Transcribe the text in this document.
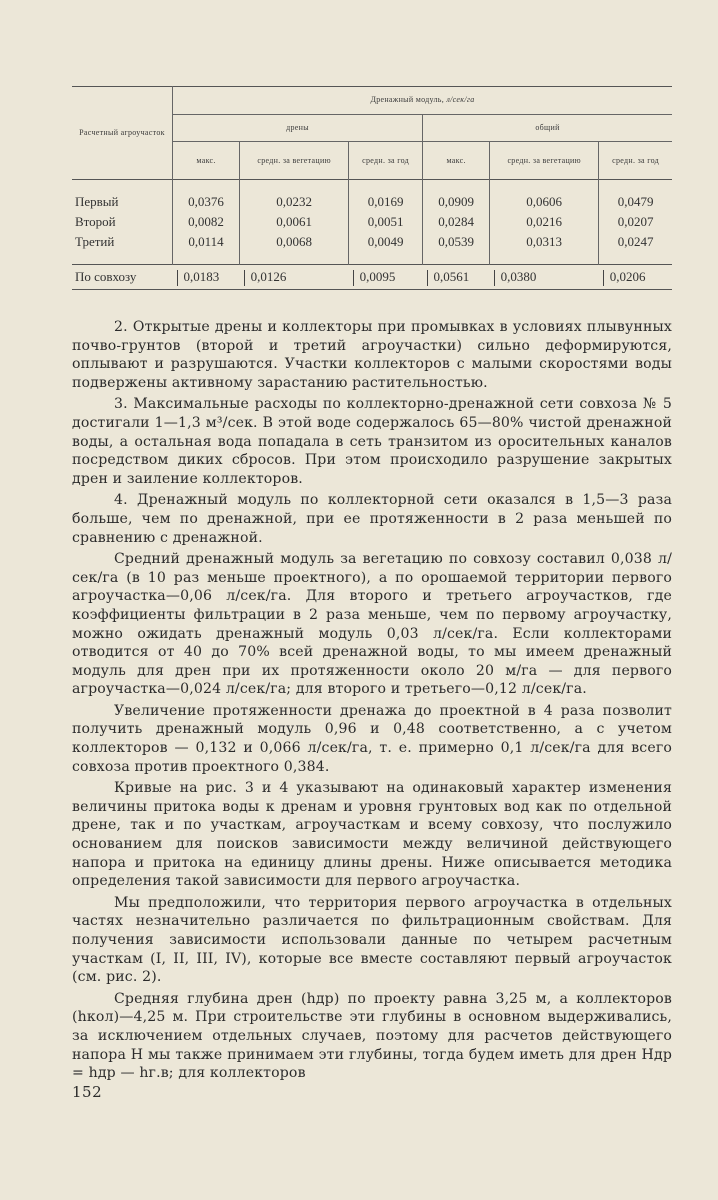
Расчетный агроучасток	Дренажный модуль, л/сек/га					
	дрены			общий		
	макс.	средн. за вегетацию	средн. за год	макс.	средн. за вегетацию	средн. за год
Первый	0,0376	0,0232	0,0169	0,0909	0,0606	0,0479
Второй	0,0082	0,0061	0,0051	0,0284	0,0216	0,0207
Третий	0,0114	0,0068	0,0049	0,0539	0,0313	0,0247
По совхозу	0,0183	0,0126	0,0095	0,0561	0,0380	0,0206

2. Открытые дрены и коллекторы при промывках в условиях плывунных почво-грунтов (второй и третий агроучастки) сильно деформируются, оплывают и разрушаются. Участки коллекторов с малыми скоростями воды подвержены активному зарастанию растительностью.

3. Максимальные расходы по коллекторно-дренажной сети совхоза № 5 достигали 1—1,3 м³/сек. В этой воде содержалось 65—80% чистой дренажной воды, а остальная вода попадала в сеть транзитом из оросительных каналов посредством диких сбросов. При этом происходило разрушение закрытых дрен и заиление коллекторов.

4. Дренажный модуль по коллекторной сети оказался в 1,5—3 раза больше, чем по дренажной, при ее протяженности в 2 раза меньшей по сравнению с дренажной.

Средний дренажный модуль за вегетацию по совхозу составил 0,038 л/сек/га (в 10 раз меньше проектного), а по орошаемой территории первого агроучастка—0,06 л/сек/га. Для второго и третьего агроучастков, где коэффициенты фильтрации в 2 раза меньше, чем по первому агроучастку, можно ожидать дренажный модуль 0,03 л/сек/га. Если коллекторами отводится от 40 до 70% всей дренажной воды, то мы имеем дренажный модуль для дрен при их протяженности около 20 м/га — для первого агроучастка—0,024 л/сек/га; для второго и третьего—0,12 л/сек/га.

Увеличение протяженности дренажа до проектной в 4 раза позволит получить дренажный модуль 0,96 и 0,48 соответственно, а с учетом коллекторов — 0,132 и 0,066 л/сек/га, т. е. примерно 0,1 л/сек/га для всего совхоза против проектного 0,384.

Кривые на рис. 3 и 4 указывают на одинаковый характер изменения величины притока воды к дренам и уровня грунтовых вод как по отдельной дрене, так и по участкам, агроучасткам и всему совхозу, что послужило основанием для поисков зависимости между величиной действующего напора и притока на единицу длины дрены. Ниже описывается методика определения такой зависимости для первого агроучастка.

Мы предположили, что территория первого агроучастка в отдельных частях незначительно различается по фильтрационным свойствам. Для получения зависимости использовали данные по четырем расчетным участкам (I, II, III, IV), которые все вместе составляют первый агроучасток (см. рис. 2).

Средняя глубина дрен (hдр) по проекту равна 3,25 м, а коллекторов (hкол)—4,25 м. При строительстве эти глубины в основном выдерживались, за исключением отдельных случаев, поэтому для расчетов действующего напора H мы также принимаем эти глубины, тогда будем иметь для дрен Hдр = hдр — hг.в; для коллекторов

152
